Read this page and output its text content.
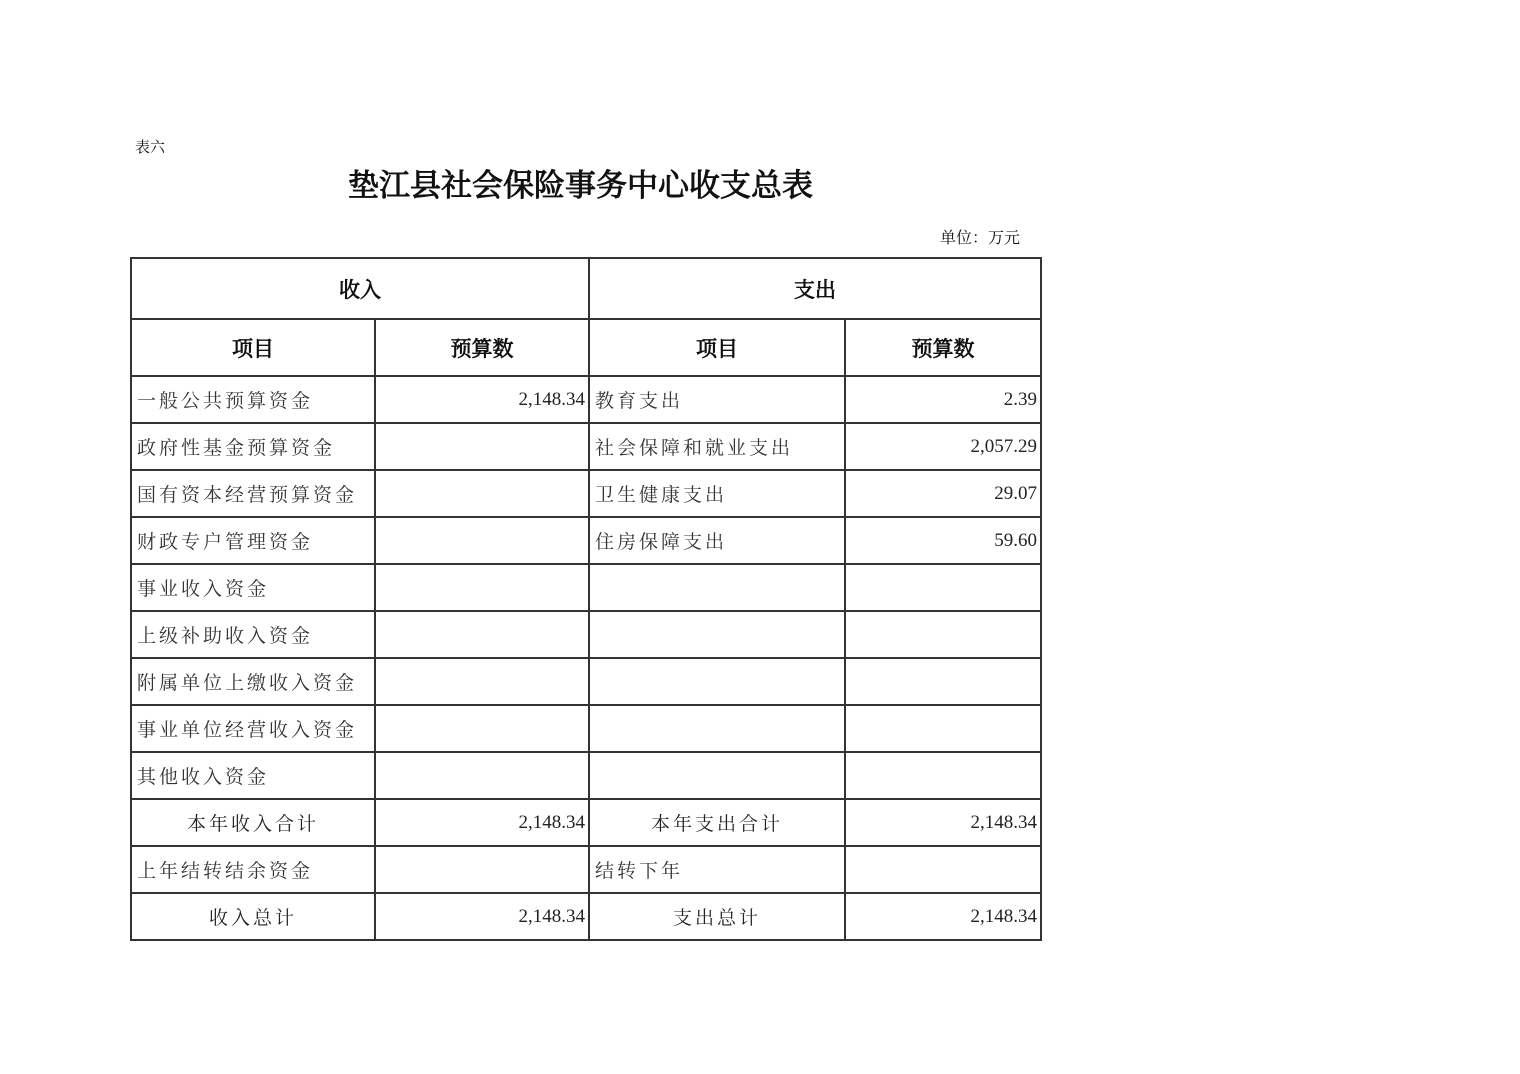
表六
垫江县社会保险事务中心收支总表
单位：万元
收入		支出	
项目	预算数	项目	预算数
一般公共预算资金	2,148.34	教育支出	2.39
政府性基金预算资金		社会保障和就业支出	2,057.29
国有资本经营预算资金		卫生健康支出	29.07
财政专户管理资金		住房保障支出	59.60
事业收入资金			
上级补助收入资金			
附属单位上缴收入资金			
事业单位经营收入资金			
其他收入资金			
本年收入合计	2,148.34	本年支出合计	2,148.34
上年结转结余资金		结转下年	
收入总计	2,148.34	支出总计	2,148.34
